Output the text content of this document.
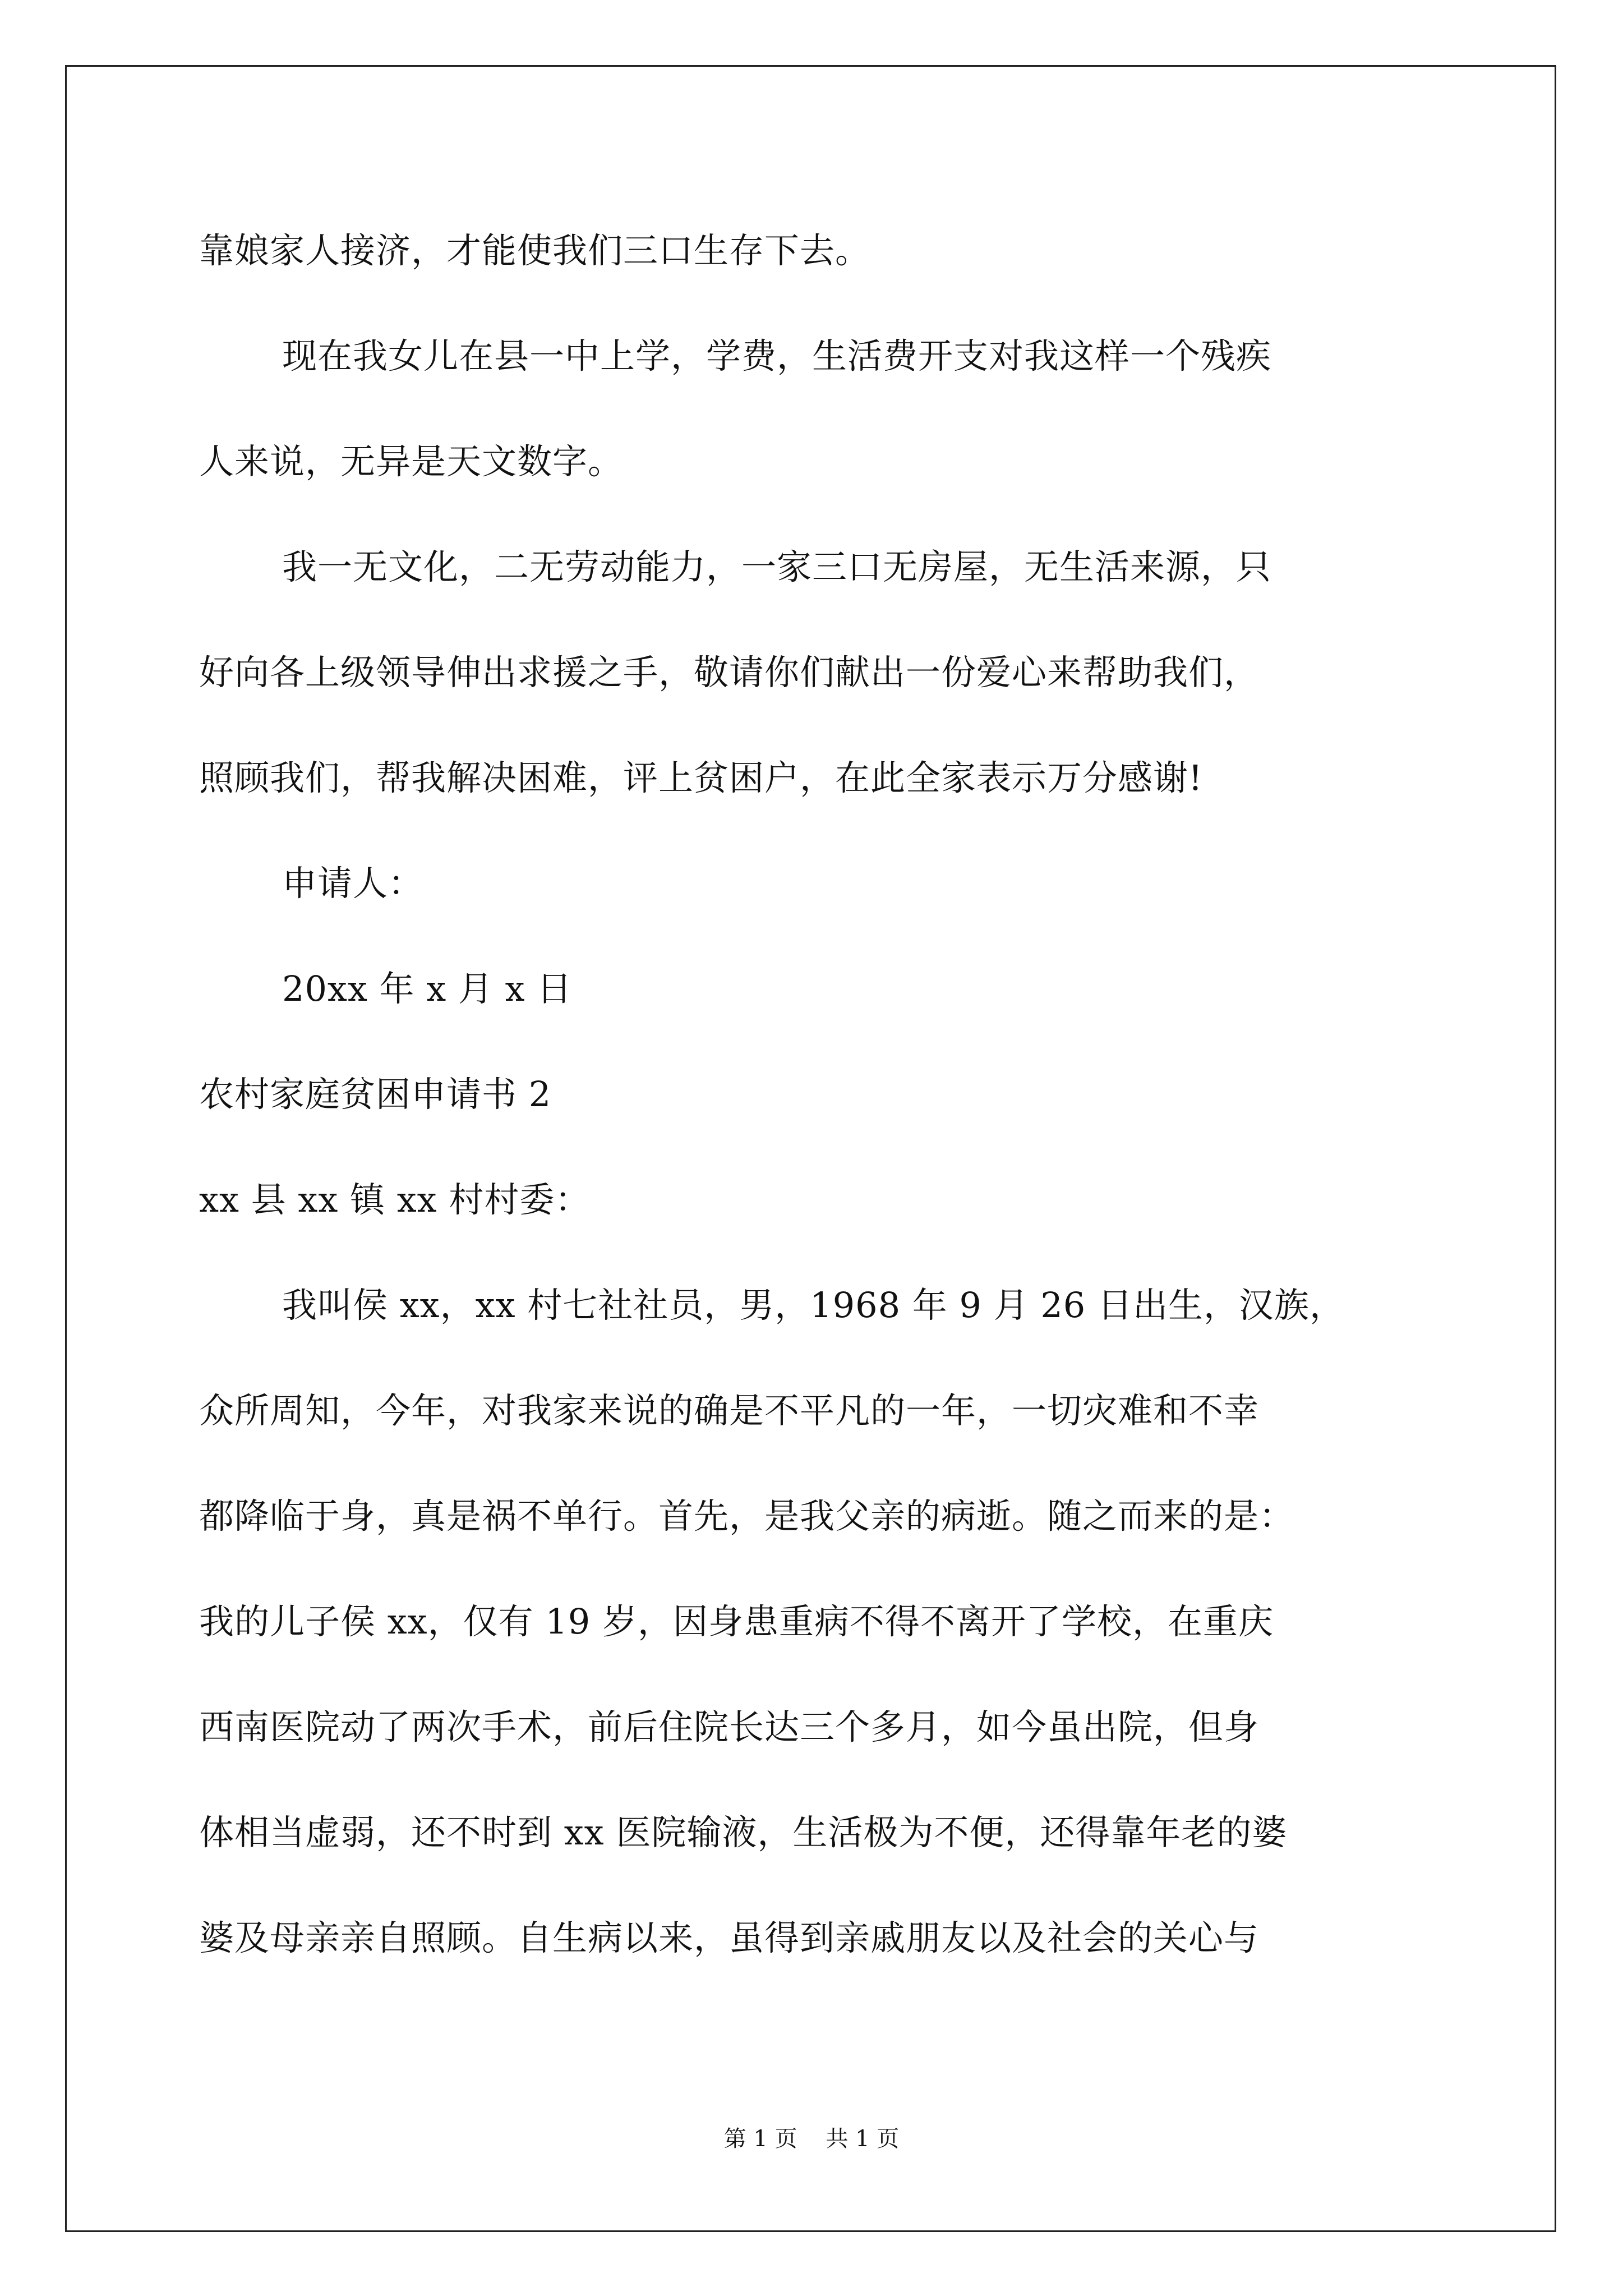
靠娘家人接济，才能使我们三口生存下去。
现在我女儿在县一中上学，学费，生活费开支对我这样一个残疾
人来说，无异是天文数字。
我一无文化，二无劳动能力，一家三口无房屋，无生活来源，只
好向各上级领导伸出求援之手，敬请你们献出一份爱心来帮助我们，
照顾我们，帮我解决困难，评上贫困户，在此全家表示万分感谢!
申请人：
20xx 年 x 月 x 日
农村家庭贫困申请书 2
xx 县 xx 镇 xx 村村委：
我叫侯 xx，xx 村七社社员，男，1968 年 9 月 26 日出生，汉族，
众所周知，今年，对我家来说的确是不平凡的一年，一切灾难和不幸
都降临于身，真是祸不单行。首先，是我父亲的病逝。随之而来的是：
我的儿子侯 xx，仅有 19 岁，因身患重病不得不离开了学校，在重庆
西南医院动了两次手术，前后住院长达三个多月，如今虽出院，但身
体相当虚弱，还不时到 xx 医院输液，生活极为不便，还得靠年老的婆
婆及母亲亲自照顾。自生病以来，虽得到亲戚朋友以及社会的关心与
第 1 页    共 1 页
